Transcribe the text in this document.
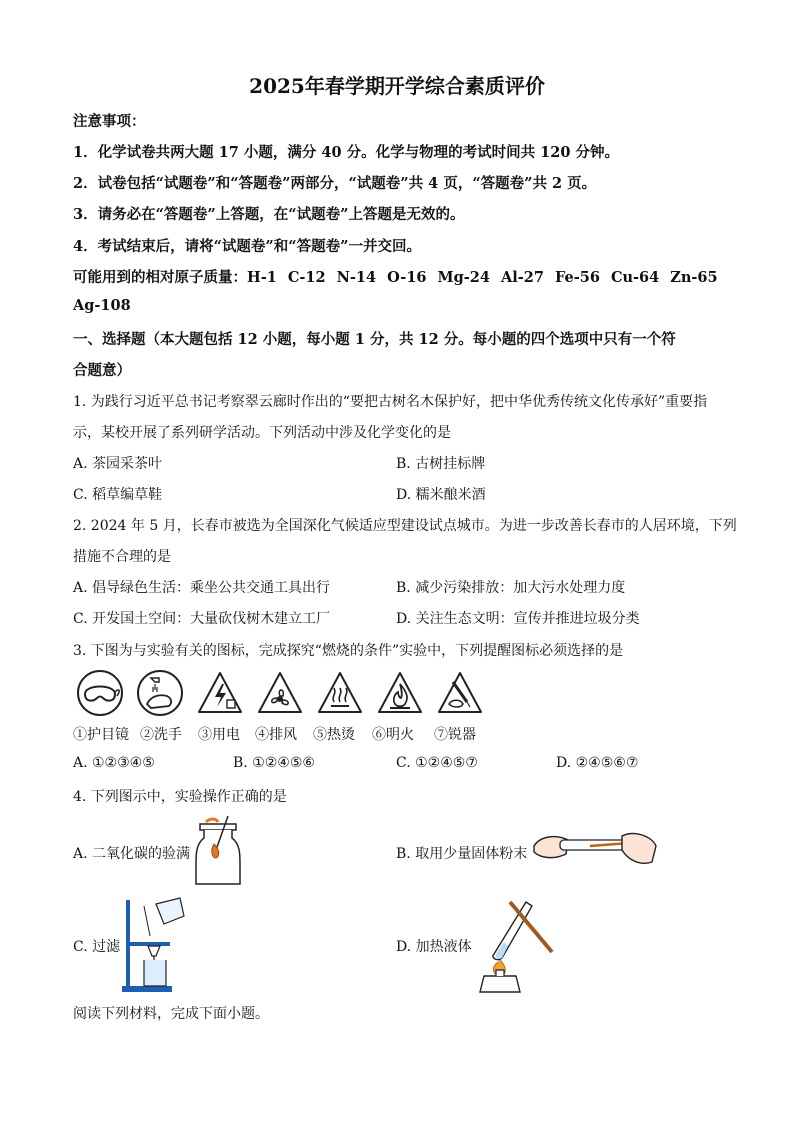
2025年春学期开学综合素质评价
注意事项：
1．化学试卷共两大题 17 小题，满分 40 分。化学与物理的考试时间共 120 分钟。
2．试卷包括“试题卷”和“答题卷”两部分，“试题卷”共 4 页，“答题卷”共 2 页。
3．请务必在“答题卷”上答题，在“试题卷”上答题是无效的。
4．考试结束后，请将“试题卷”和“答题卷”一并交回。
可能用到的相对原子质量：H-1 C-12 N-14 O-16 Mg-24 Al-27 Fe-56 Cu-64 Zn-65
Ag-108
一、选择题（本大题包括 12 小题，每小题 1 分，共 12 分。每小题的四个选项中只有一个符
合题意）
1. 为践行习近平总书记考察翠云廊时作出的“要把古树名木保护好，把中华优秀传统文化传承好”重要指
示，某校开展了系列研学活动。下列活动中涉及化学变化的是
A. 茶园采茶叶	B. 古树挂标牌
C. 稻草编草鞋	D. 糯米酿米酒
2. 2024 年 5 月，长春市被选为全国深化气候适应型建设试点城市。为进一步改善长春市的人居环境，下列
措施不合理的是
A. 倡导绿色生活：乘坐公共交通工具出行	B. 减少污染排放：加大污水处理力度
C. 开发国土空间：大量砍伐树木建立工厂	D. 关注生态文明：宣传并推进垃圾分类
3. 下图为与实验有关的图标，完成探究“燃烧的条件”实验中，下列提醒图标必须选择的是
①护目镜 ②洗手 ③用电 ④排风 ⑤热烫 ⑥明火 ⑦锐器
A. ①②③④⑤	B. ①②④⑤⑥	C. ①②④⑤⑦	D. ②④⑤⑥⑦
4. 下列图示中，实验操作正确的是
A. 二氧化碳的验满	B. 取用少量固体粉末
C. 过滤	D. 加热液体
阅读下列材料，完成下面小题。
